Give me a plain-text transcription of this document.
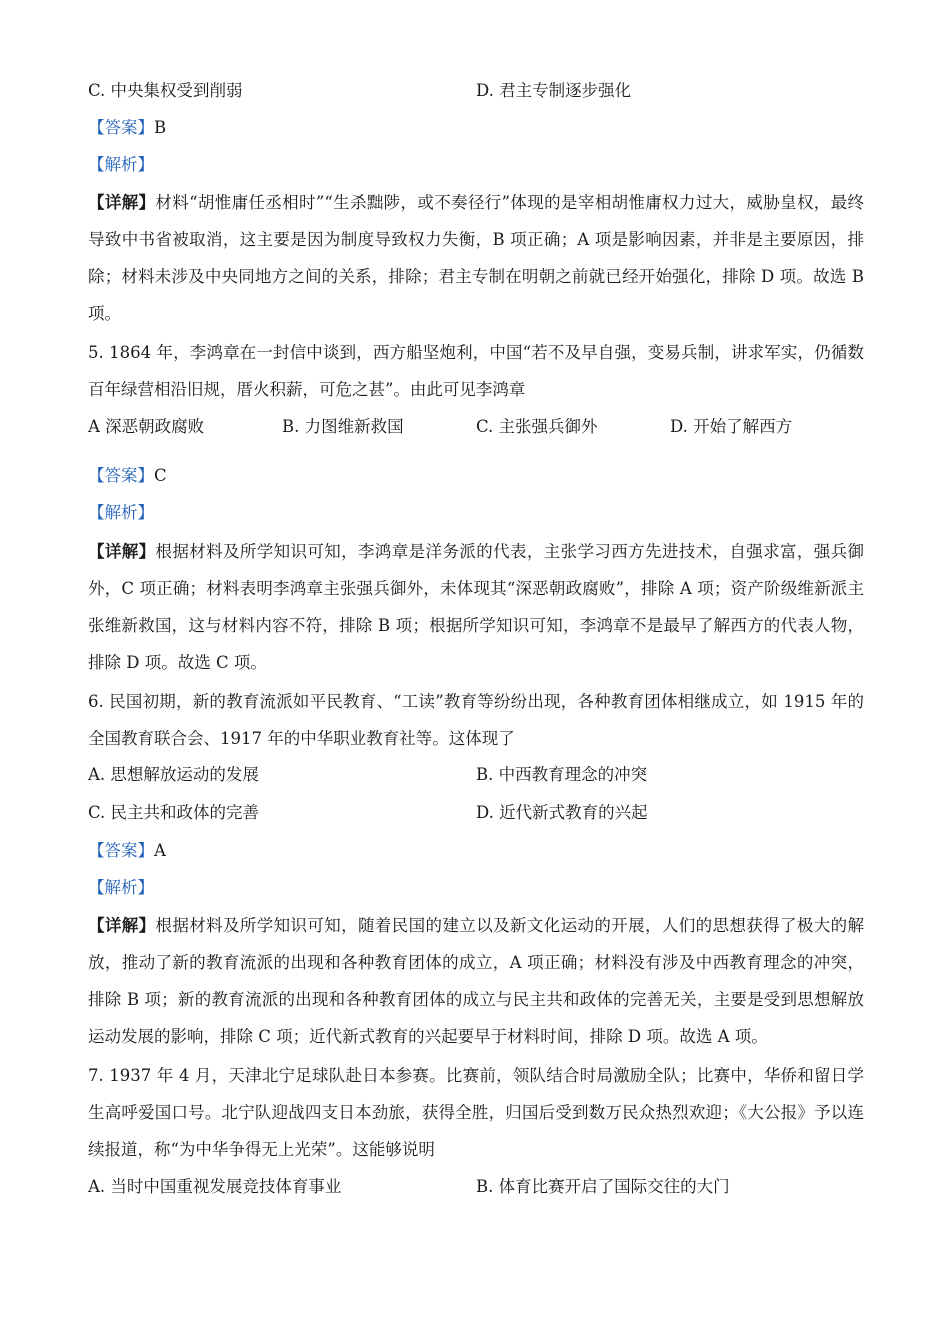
C. 中央集权受到削弱	D. 君主专制逐步强化
【答案】B
【解析】
【详解】材料“胡惟庸任丞相时”“生杀黜陟，或不奏径行”体现的是宰相胡惟庸权力过大，威胁皇权，最终导致中书省被取消，这主要是因为制度导致权力失衡，B 项正确；A 项是影响因素，并非是主要原因，排除；材料未涉及中央同地方之间的关系，排除；君主专制在明朝之前就已经开始强化，排除 D 项。故选 B 项。
5. 1864 年，李鸿章在一封信中谈到，西方船坚炮利，中国“若不及早自强，变易兵制，讲求军实，仍循数百年绿营相沿旧规，厝火积薪，可危之甚”。由此可见李鸿章
A 深恶朝政腐败	B. 力图维新救国	C. 主张强兵御外	D. 开始了解西方
【答案】C
【解析】
【详解】根据材料及所学知识可知，李鸿章是洋务派的代表，主张学习西方先进技术，自强求富，强兵御外，C 项正确；材料表明李鸿章主张强兵御外，未体现其“深恶朝政腐败”，排除 A 项；资产阶级维新派主张维新救国，这与材料内容不符，排除 B 项；根据所学知识可知，李鸿章不是最早了解西方的代表人物，排除 D 项。故选 C 项。
6. 民国初期，新的教育流派如平民教育、“工读”教育等纷纷出现，各种教育团体相继成立，如 1915 年的全国教育联合会、1917 年的中华职业教育社等。这体现了
A. 思想解放运动的发展	B. 中西教育理念的冲突
C. 民主共和政体的完善	D. 近代新式教育的兴起
【答案】A
【解析】
【详解】根据材料及所学知识可知，随着民国的建立以及新文化运动的开展，人们的思想获得了极大的解放，推动了新的教育流派的出现和各种教育团体的成立，A 项正确；材料没有涉及中西教育理念的冲突，排除 B 项；新的教育流派的出现和各种教育团体的成立与民主共和政体的完善无关，主要是受到思想解放运动发展的影响，排除 C 项；近代新式教育的兴起要早于材料时间，排除 D 项。故选 A 项。
7. 1937 年 4 月，天津北宁足球队赴日本参赛。比赛前，领队结合时局激励全队；比赛中，华侨和留日学生高呼爱国口号。北宁队迎战四支日本劲旅，获得全胜，归国后受到数万民众热烈欢迎；《大公报》予以连续报道，称“为中华争得无上光荣”。这能够说明
A. 当时中国重视发展竞技体育事业	B. 体育比赛开启了国际交往的大门
